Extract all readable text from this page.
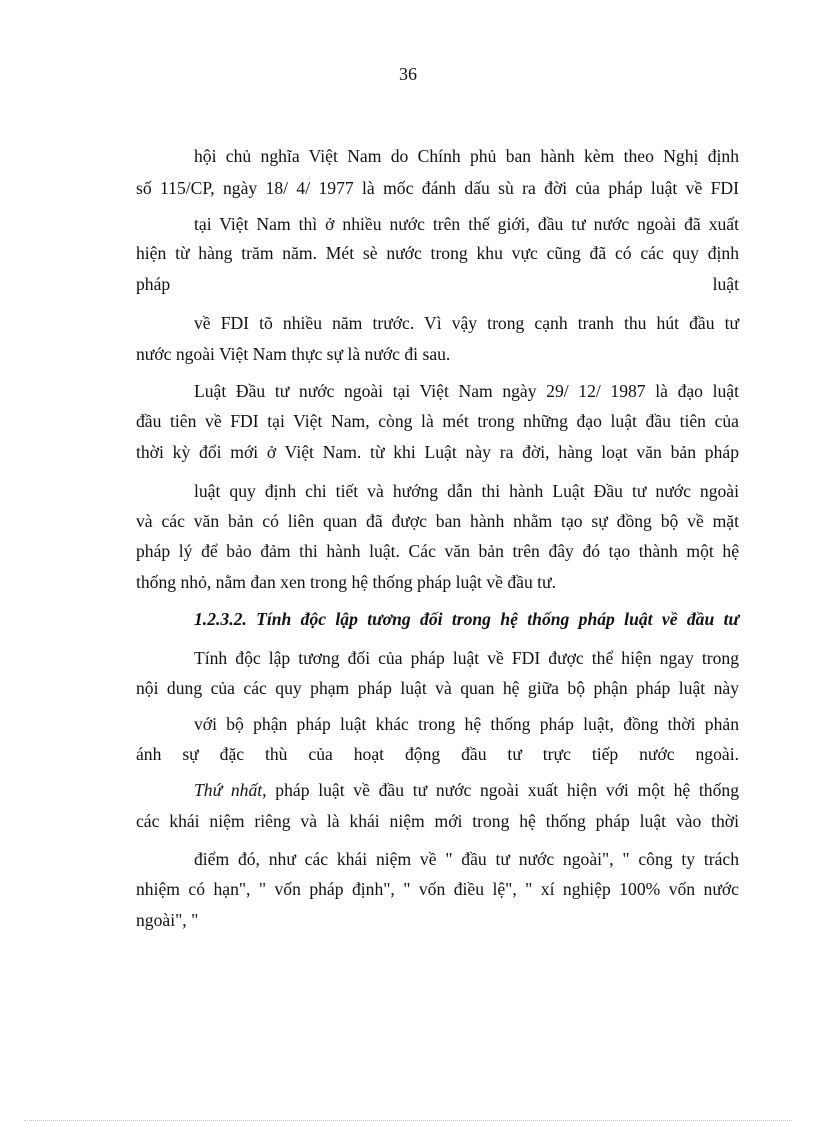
36
hội chủ nghĩa Việt Nam do Chính phủ ban hành kèm theo Nghị định
số 115/CP, ngày 18/ 4/ 1977 là mốc đánh dấu sù ra đời của pháp luật về FDI
tại Việt Nam thì ở nhiều nước trên thế giới, đầu tư nước ngoài đã xuất
hiện từ hàng trăm năm. Mét sè nước trong khu vực cũng đã có các quy định
pháp	luật
về FDI tõ nhiều năm trước. Vì vậy trong cạnh tranh thu hút đầu tư
nước ngoài Việt Nam thực sự là nước đi sau.
Luật Đầu tư nước ngoài tại Việt Nam ngày 29/ 12/ 1987 là đạo luật
đầu tiên về FDI tại Việt Nam, còng là mét trong những đạo luật đầu tiên của
thời kỳ đổi mới ở Việt Nam. từ khi Luật này ra đời, hàng loạt văn bản pháp
luật quy định chi tiết và hướng dẫn thi hành Luật Đầu tư nước ngoài
và các văn bản có liên quan đã được ban hành nhằm tạo sự đồng bộ về mặt
pháp lý để bảo đảm thi hành luật. Các văn bản trên đây đó tạo thành một hệ
thống nhỏ, nằm đan xen trong hệ thống pháp luật về đầu tư.
1.2.3.2. Tính độc lập tương đối trong hệ thống pháp luật về đầu tư
Tính độc lập tương đối của pháp luật về FDI được thể hiện ngay trong
nội dung của các quy phạm pháp luật và quan hệ giữa bộ phận pháp luật này
với bộ phận pháp luật khác trong hệ thống pháp luật, đồng thời phản
ánh sự đặc thù của hoạt động đầu tư trực tiếp nước ngoài.
Thứ nhất, pháp luật về đầu tư nước ngoài xuất hiện với một hệ thống
các khái niệm riêng và là khái niệm mới trong hệ thống pháp luật vào thời
điểm đó, như các khái niệm về " đầu tư nước ngoài", " công ty trách
nhiệm có hạn", " vốn pháp định", " vốn điều lệ", " xí nghiệp 100% vốn nước
ngoài", "
